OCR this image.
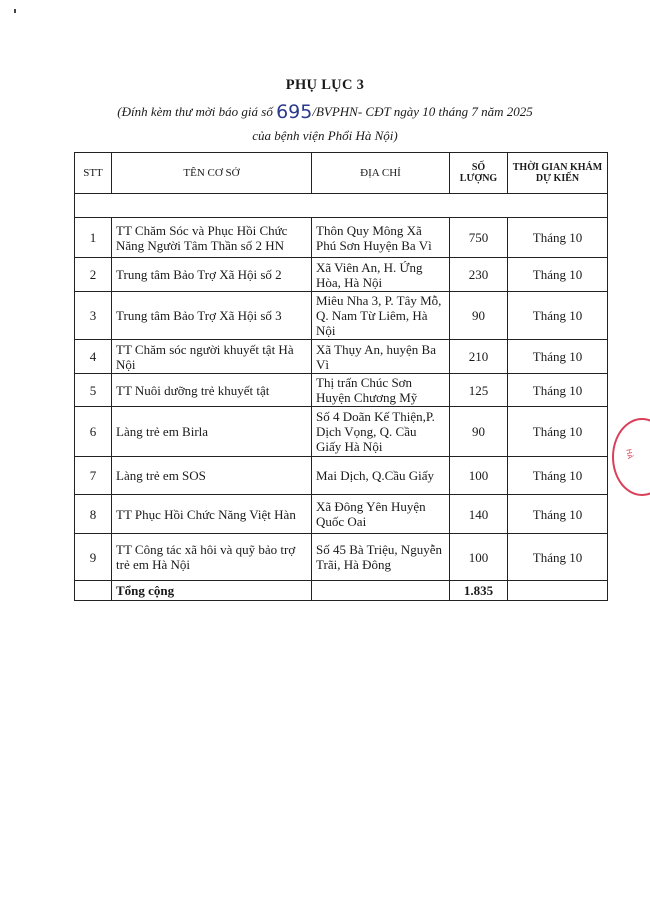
PHỤ LỤC 3
(Đính kèm thư mời báo giá số 695/BVPHN- CĐT ngày 10 tháng 7 năm 2025
của bệnh viện Phổi Hà Nội)
STT	TÊN CƠ SỞ	ĐỊA CHỈ	SỐ LƯỢNG	THỜI GIAN KHÁM DỰ KIẾN

1	TT Chăm Sóc và Phục Hồi Chức Năng Người Tâm Thần số 2 HN	Thôn Quy Mông Xã Phú Sơn Huyện Ba Vì	750	Tháng 10
2	Trung tâm Bảo Trợ Xã Hội số 2	Xã Viên An, H. Ứng Hòa, Hà Nội	230	Tháng 10
3	Trung tâm Bảo Trợ Xã Hội số 3	Miêu Nha 3, P. Tây Mỗ, Q. Nam Từ Liêm, Hà Nội	90	Tháng 10
4	TT Chăm sóc người khuyết tật Hà Nội	Xã Thụy An, huyện Ba Vì	210	Tháng 10
5	TT Nuôi dưỡng trẻ khuyết tật	Thị trấn Chúc Sơn Huyện Chương Mỹ	125	Tháng 10
6	Làng trẻ em Birla	Số 4 Doãn Kế Thiện,P. Dịch Vọng, Q. Cầu Giấy Hà Nội	90	Tháng 10
7	Làng trẻ em SOS	Mai Dịch, Q.Cầu Giấy	100	Tháng 10
8	TT Phục Hồi Chức Năng Việt Hàn	Xã Đông Yên Huyện Quốc Oai	140	Tháng 10
9	TT Công tác xã hôi và quỹ bảo trợ trẻ em Hà Nội	Số 45 Bà Triệu, Nguyễn Trãi, Hà Đông	100	Tháng 10
	Tổng cộng		1.835	
HÀ
